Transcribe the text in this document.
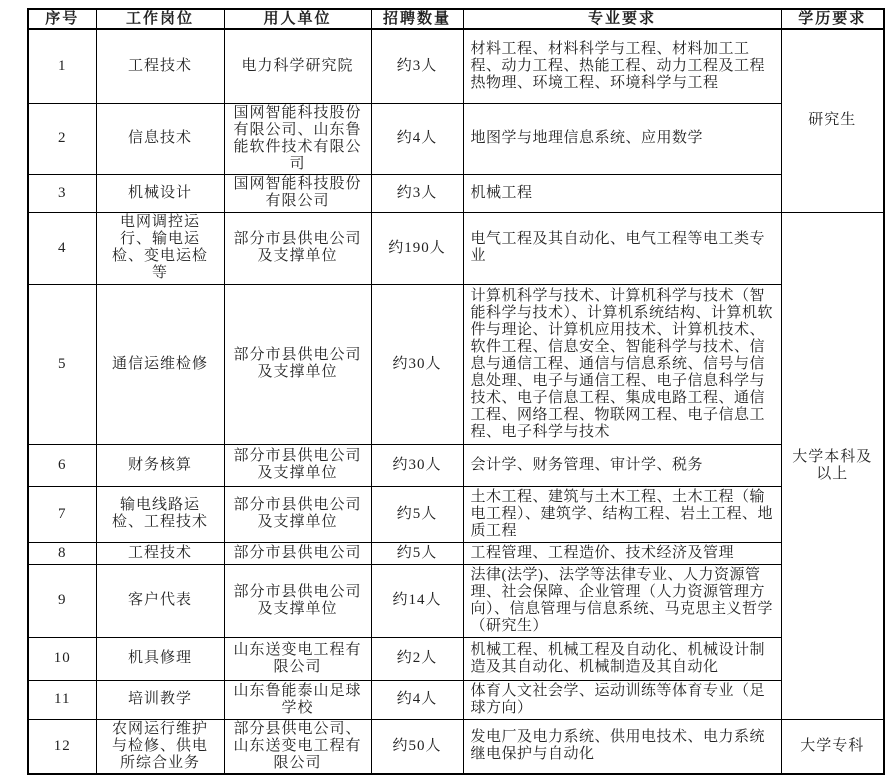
序号	工作岗位	用人单位	招聘数量	专业要求	学历要求
1	工程技术	电力科学研究院	约3人	材料工程、材料科学与工程、材料加工工程、动力工程、热能工程、动力工程及工程热物理、环境工程、环境科学与工程	研究生
2	信息技术	国网智能科技股份有限公司、山东鲁能软件技术有限公司	约4人	地图学与地理信息系统、应用数学	
3	机械设计	国网智能科技股份有限公司	约3人	机械工程	
4	电网调控运行、输电运检、变电运检等	部分市县供电公司及支撑单位	约190人	电气工程及其自动化、电气工程等电工类专业	大学本科及以上
5	通信运维检修	部分市县供电公司及支撑单位	约30人	计算机科学与技术、计算机科学与技术（智能科学与技术）、计算机系统结构、计算机软件与理论、计算机应用技术、计算机技术、软件工程、信息安全、智能科学与技术、信息与通信工程、通信与信息系统、信号与信息处理、电子与通信工程、电子信息科学与技术、电子信息工程、集成电路工程、通信工程、网络工程、物联网工程、电子信息工程、电子科学与技术	
6	财务核算	部分市县供电公司及支撑单位	约30人	会计学、财务管理、审计学、税务	
7	输电线路运检、工程技术	部分市县供电公司及支撑单位	约5人	土木工程、建筑与土木工程、土木工程（输电工程）、建筑学、结构工程、岩土工程、地质工程	
8	工程技术	部分市县供电公司	约5人	工程管理、工程造价、技术经济及管理	
9	客户代表	部分市县供电公司及支撑单位	约14人	法律(法学)、法学等法律专业、人力资源管理、社会保障、企业管理（人力资源管理方向）、信息管理与信息系统、马克思主义哲学（研究生）	
10	机具修理	山东送变电工程有限公司	约2人	机械工程、机械工程及自动化、机械设计制造及其自动化、机械制造及其自动化	
11	培训教学	山东鲁能泰山足球学校	约4人	体育人文社会学、运动训练等体育专业（足球方向）	
12	农网运行维护与检修、供电所综合业务	部分县供电公司、山东送变电工程有限公司	约50人	发电厂及电力系统、供用电技术、电力系统继电保护与自动化	大学专科
